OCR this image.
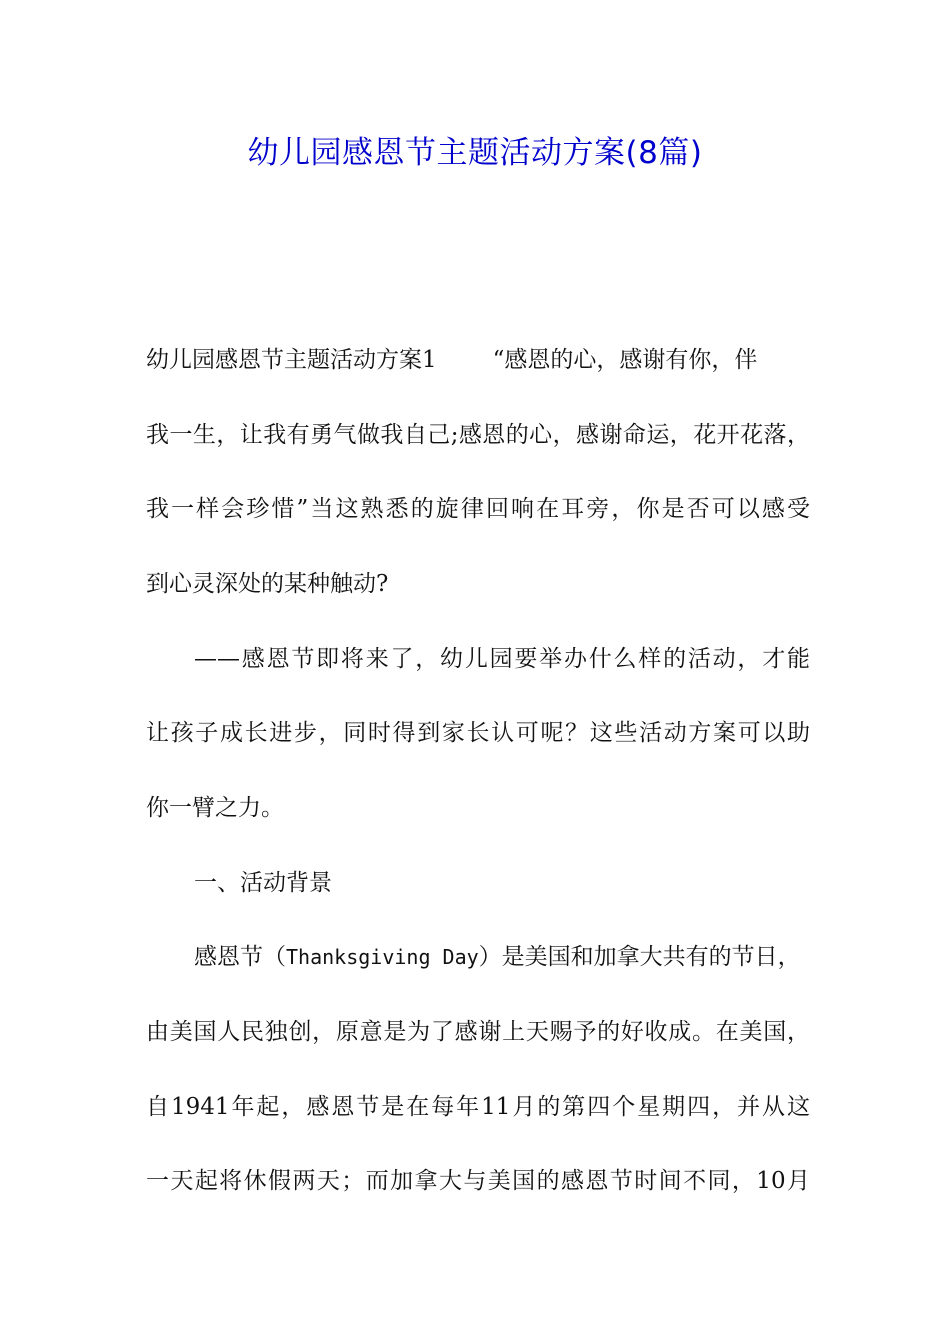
幼儿园感恩节主题活动方案(8篇)
幼儿园感恩节主题活动方案1 “感恩的心，感谢有你，伴
我一生，让我有勇气做我自己;感恩的心，感谢命运，花开花落，
我一样会珍惜”当这熟悉的旋律回响在耳旁，你是否可以感受
到心灵深处的某种触动?
——感恩节即将来了，幼儿园要举办什么样的活动，才能
让孩子成长进步，同时得到家长认可呢？这些活动方案可以助
你一臂之力。
一、活动背景
感恩节（Thanksgiving Day）是美国和加拿大共有的节日，
由美国人民独创，原意是为了感谢上天赐予的好收成。在美国，
自1941年起，感恩节是在每年11月的第四个星期四，并从这
一天起将休假两天；而加拿大与美国的感恩节时间不同，10月
